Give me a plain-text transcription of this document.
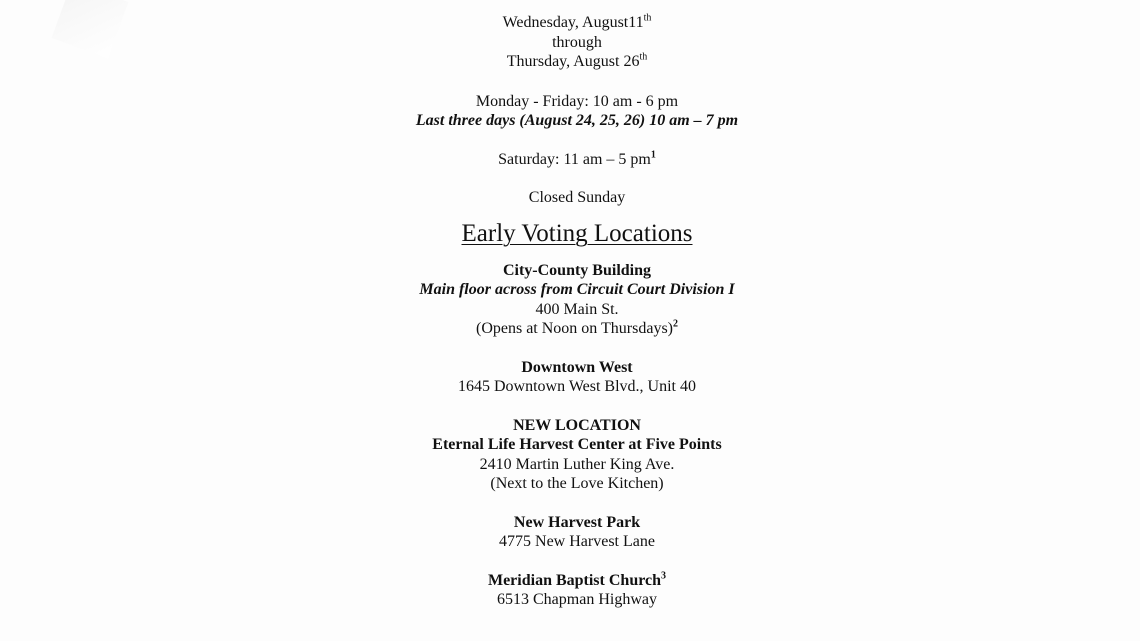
Wednesday, August11th
through
Thursday, August 26th
Monday - Friday: 10 am - 6 pm
Last three days (August 24, 25, 26) 10 am – 7 pm
Saturday: 11 am – 5 $pm^1$
Closed Sunday
Early Voting Locations
City-County Building
Main floor across from Circuit Court Division I
400 Main St.
(Opens at Noon on Thursdays)$^2$
Downtown West
1645 Downtown West Blvd., Unit 40
NEW LOCATION
Eternal Life Harvest Center at Five Points
2410 Martin Luther King Ave.
(Next to the Love Kitchen)
New Harvest Park
4775 New Harvest Lane
Meridian Baptist Church$^3$
6513 Chapman Highway
